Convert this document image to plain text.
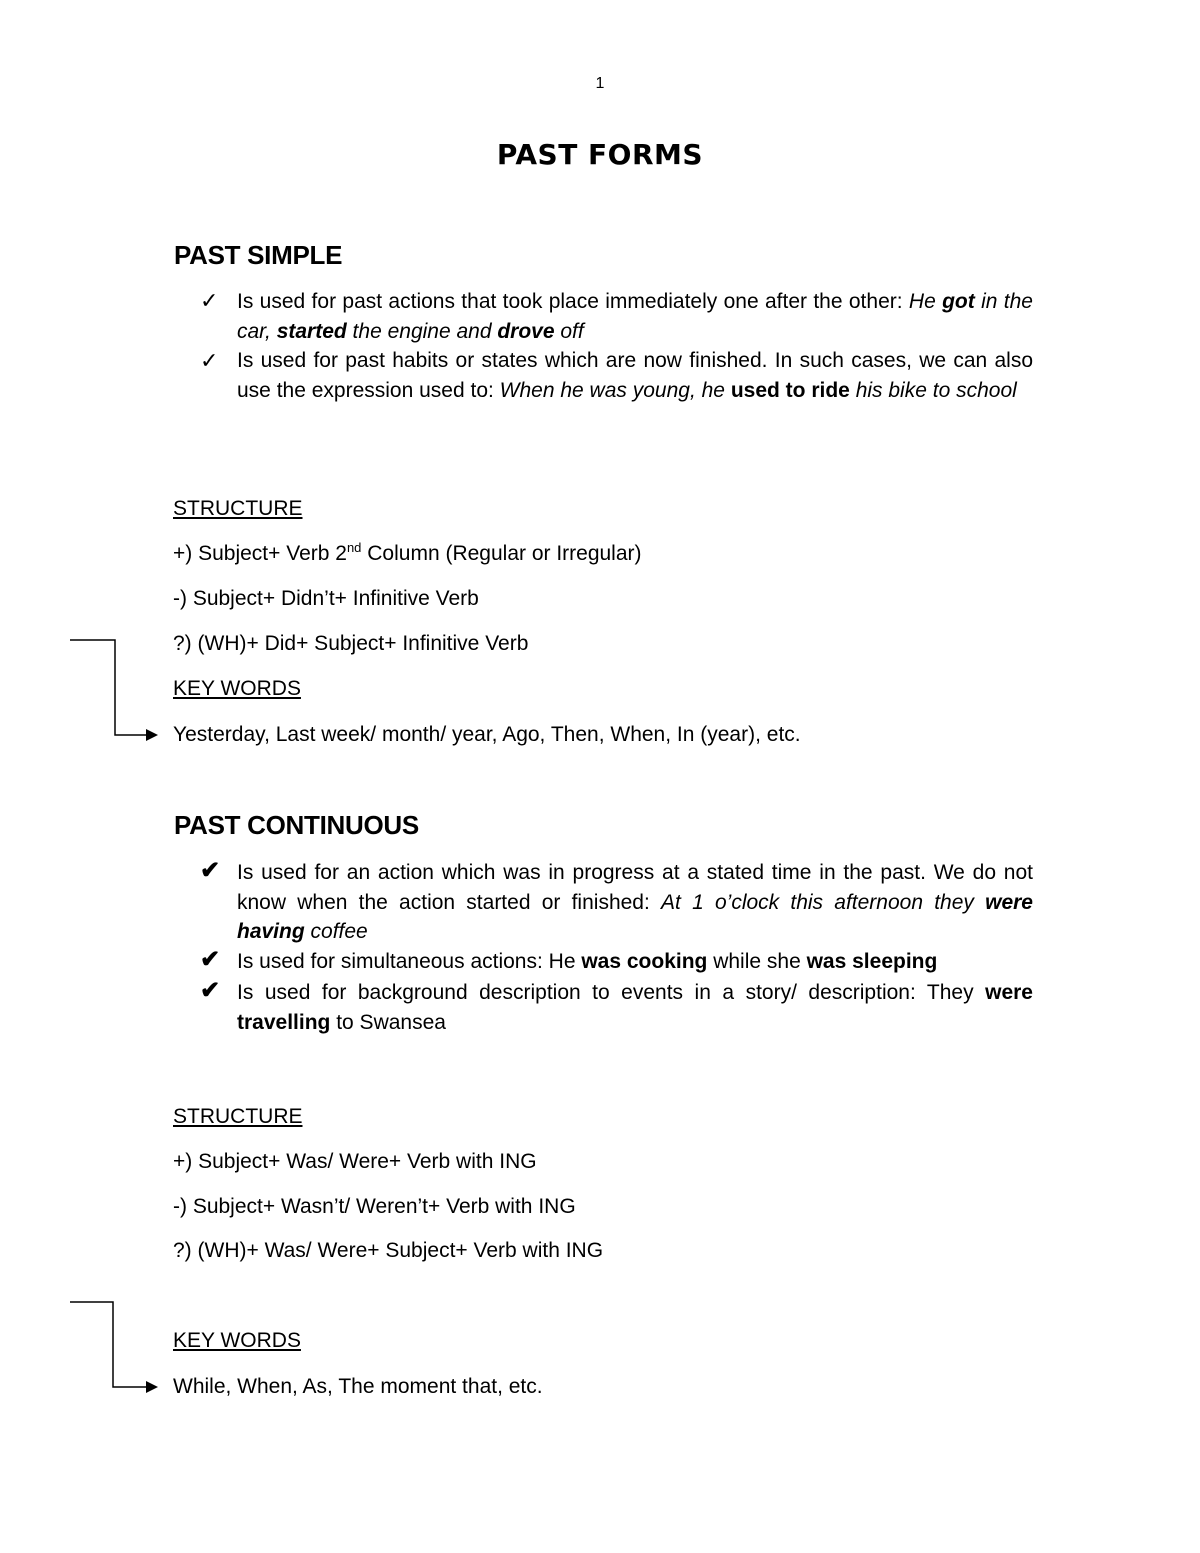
1
PAST FORMS
PAST SIMPLE
✓ Is used for past actions that took place immediately one after the other: He got in the car, started the engine and drove off
✓ Is used for past habits or states which are now finished. In such cases, we can also use the expression used to: When he was young, he used to ride his bike to school
STRUCTURE
+) Subject+ Verb 2nd Column (Regular or Irregular)
-) Subject+ Didn’t+ Infinitive Verb
?) (WH)+ Did+ Subject+ Infinitive Verb
KEY WORDS
Yesterday, Last week/ month/ year, Ago, Then, When, In (year), etc.
PAST CONTINUOUS
✔ Is used for an action which was in progress at a stated time in the past. We do not know when the action started or finished: At 1 o’clock this afternoon they were having coffee
✔ Is used for simultaneous actions: He was cooking while she was sleeping
✔ Is used for background description to events in a story/ description: They were travelling to Swansea
STRUCTURE
+) Subject+ Was/ Were+ Verb with ING
-) Subject+ Wasn’t/ Weren’t+ Verb with ING
?) (WH)+ Was/ Were+ Subject+ Verb with ING
KEY WORDS
While, When, As, The moment that, etc.
